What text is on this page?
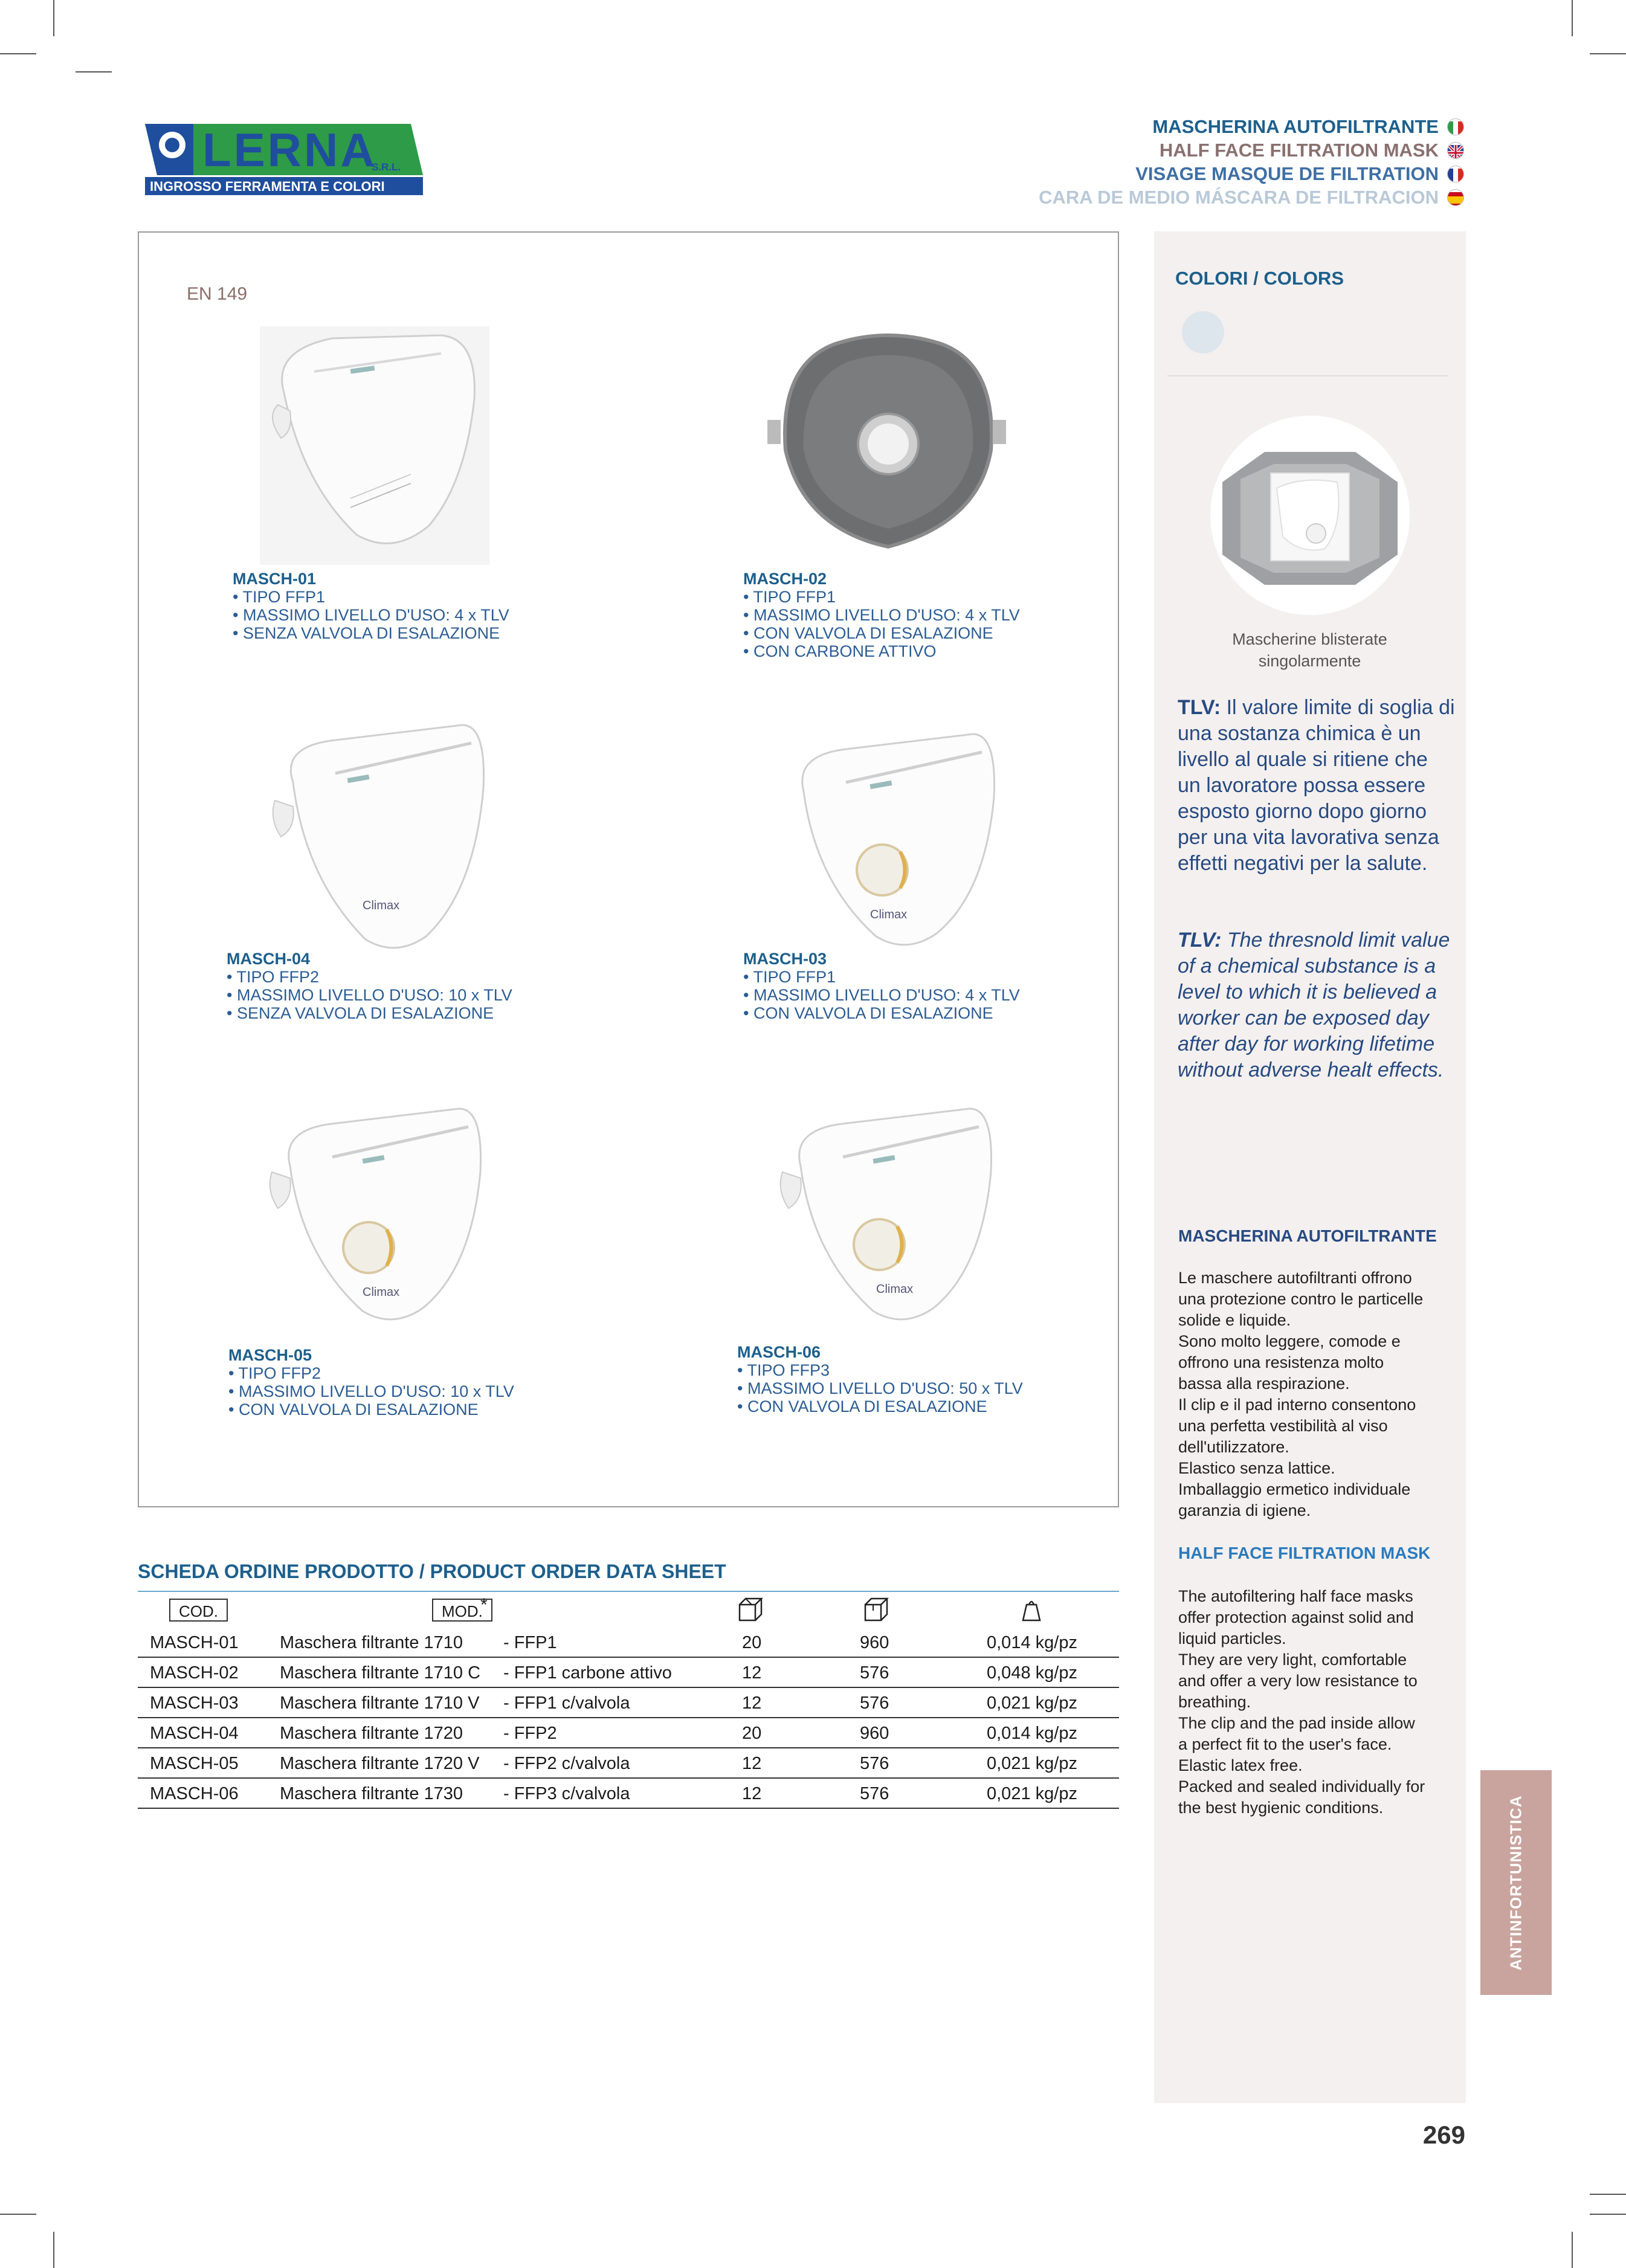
LERNA
S.R.L.
INGROSSO FERRAMENTA E COLORI
MASCHERINA AUTOFILTRANTE
HALF FACE FILTRATION MASK
VISAGE MASQUE DE FILTRATION
CARA DE MEDIO MÁSCARA DE FILTRACION
EN 149
Climax
Climax
Climax	Climax
MASCH-01
• TIPO FFP1
• MASSIMO LIVELLO D'USO: 4 x TLV
• SENZA VALVOLA DI ESALAZIONE
MASCH-02
• TIPO FFP1
• MASSIMO LIVELLO D'USO: 4 x TLV
• CON VALVOLA DI ESALAZIONE
• CON CARBONE ATTIVO
MASCH-04
• TIPO FFP2
• MASSIMO LIVELLO D'USO: 10 x TLV
• SENZA VALVOLA DI ESALAZIONE
MASCH-03
• TIPO FFP1
• MASSIMO LIVELLO D'USO: 4 x TLV
• CON VALVOLA DI ESALAZIONE
MASCH-05
• TIPO FFP2
• MASSIMO LIVELLO D'USO: 10 x TLV
• CON VALVOLA DI ESALAZIONE
MASCH-06
• TIPO FFP3
• MASSIMO LIVELLO D'USO: 50 x TLV
• CON VALVOLA DI ESALAZIONE
COLORI / COLORS
Mascherine blisterate
singolarmente
TLV: Il valore limite di soglia di una sostanza chimica è un livello al quale si ritiene che un lavoratore possa essere esposto giorno dopo giorno per una vita lavorativa senza effetti negativi per la salute.
TLV: The thresnold limit value of a chemical substance is a level to which it is believed a worker can be exposed day after day for working lifetime without adverse healt effects.
MASCHERINA AUTOFILTRANTE
Le maschere autofiltranti offrono
una protezione contro le particelle
solide e liquide.
Sono molto leggere, comode e
offrono una resistenza molto
bassa alla respirazione.
Il clip e il pad interno consentono
una perfetta vestibilità al viso
dell'utilizzatore.
Elastico senza lattice.
Imballaggio ermetico individuale
garanzia di igiene.
HALF FACE FILTRATION MASK
The autofiltering half face masks
offer protection against solid and
liquid particles.
They are very light, comfortable
and offer a very low resistance to
breathing.
The clip and the pad inside allow
a perfect fit to the user's face.
Elastic latex free.
Packed and sealed individually for
the best hygienic conditions.	ANTINFORTUNISTICA
SCHEDA ORDINE PRODOTTO / PRODUCT ORDER DATA SHEET
COD.	MOD.
*
MASCH-01 Maschera filtrante 1710 - FFP1	20	960	0,014 kg/pz
MASCH-02 Maschera filtrante 1710 C - FFP1 carbone attivo	12	576	0,048 kg/pz
MASCH-03 Maschera filtrante 1710 V - FFP1 c/valvola	12	576	0,021 kg/pz
MASCH-04 Maschera filtrante 1720 - FFP2	20	960	0,014 kg/pz
MASCH-05 Maschera filtrante 1720 V - FFP2 c/valvola	12	576	0,021 kg/pz
MASCH-06 Maschera filtrante 1730 - FFP3 c/valvola	12	576	0,021 kg/pz
269
